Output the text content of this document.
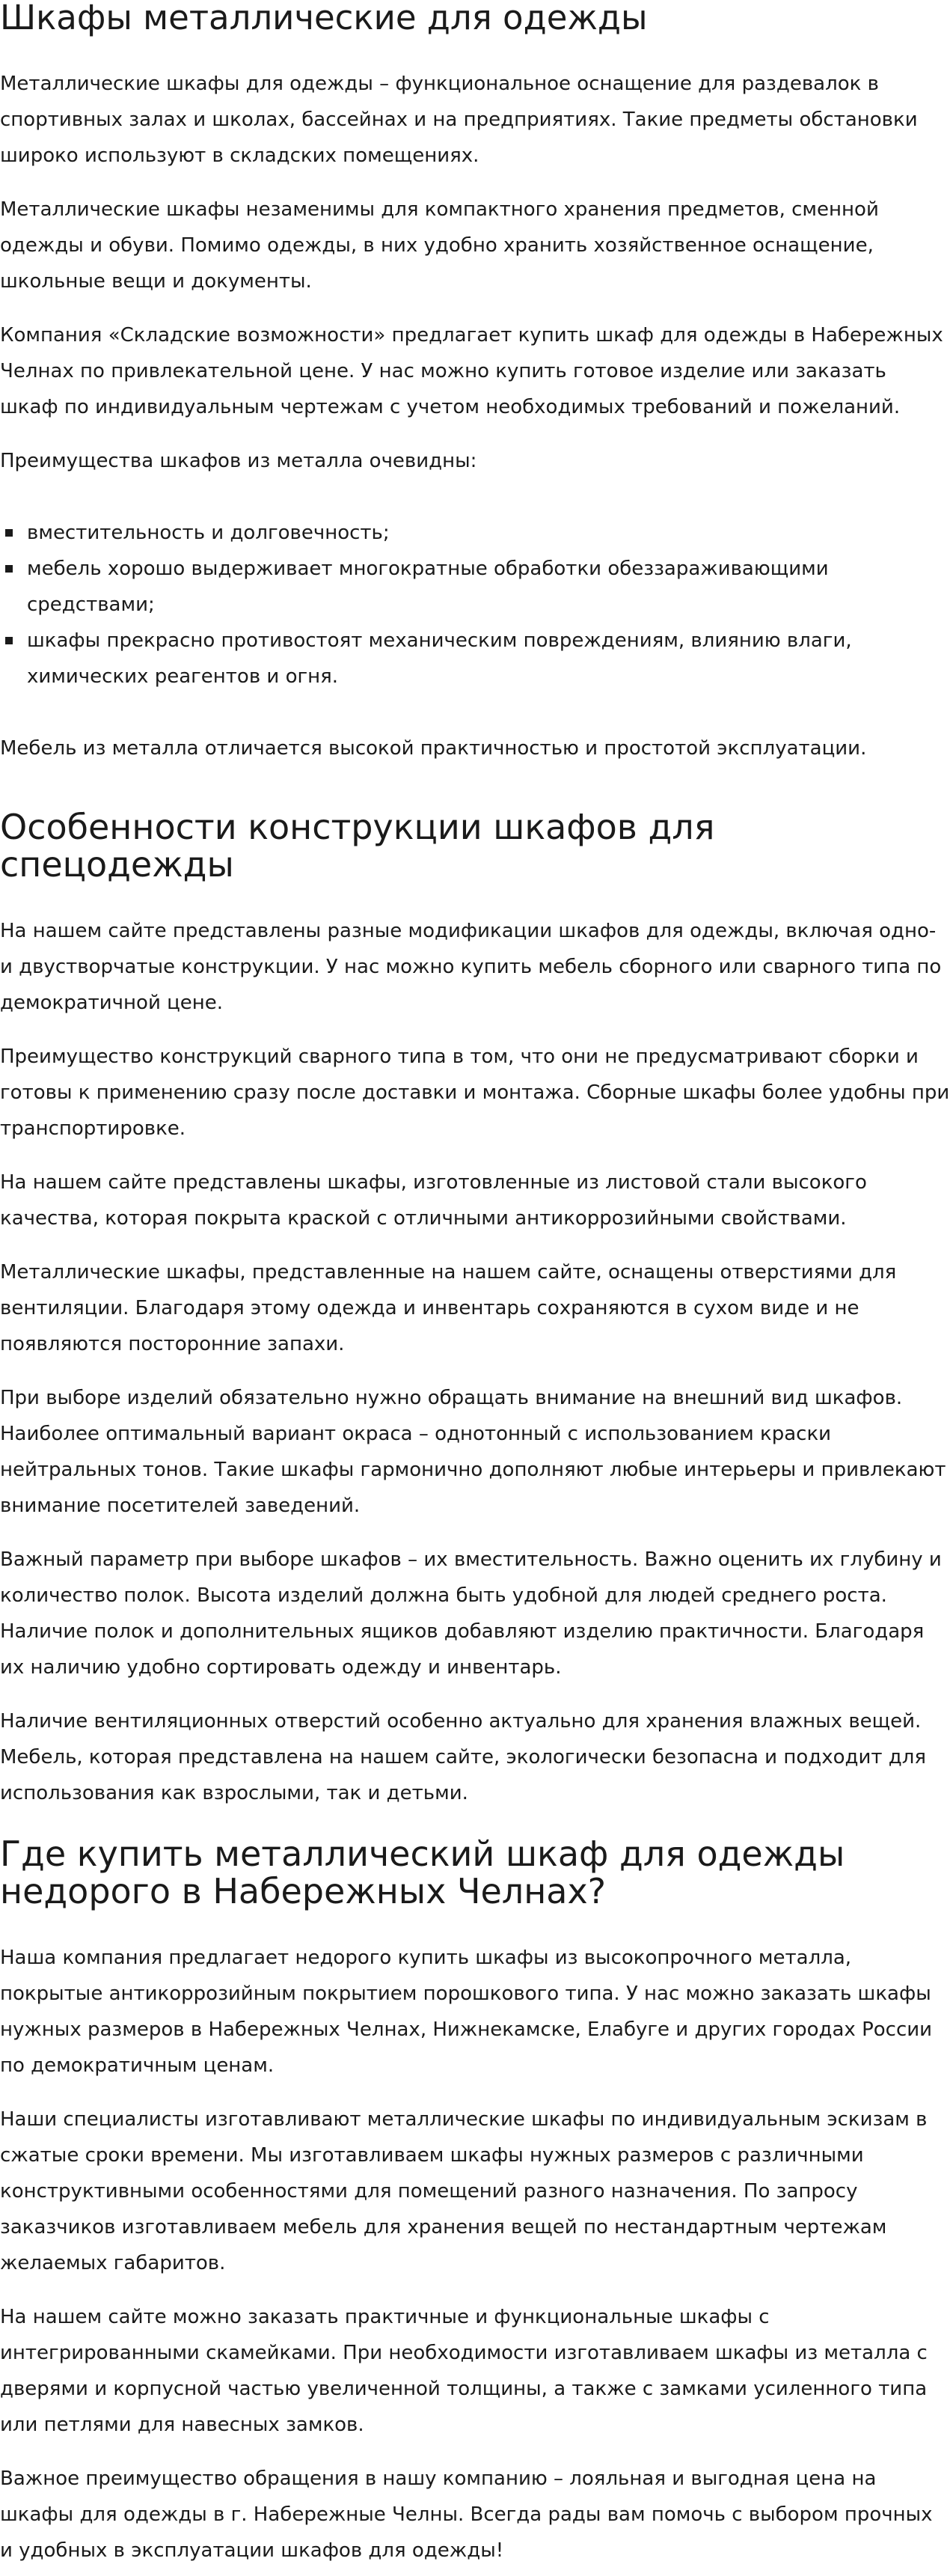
Шкафы металлические для одежды

Металлические шкафы для одежды – функциональное оснащение для раздевалок в спортивных залах и школах, бассейнах и на предприятиях. Такие предметы обстановки широко используют в складских помещениях.

Металлические шкафы незаменимы для компактного хранения предметов, сменной одежды и обуви. Помимо одежды, в них удобно хранить хозяйственное оснащение, школьные вещи и документы.

Компания «Складские возможности» предлагает купить шкаф для одежды в Набережных Челнах по привлекательной цене. У нас можно купить готовое изделие или заказать шкаф по индивидуальным чертежам с учетом необходимых требований и пожеланий.

Преимущества шкафов из металла очевидны:

вместительность и долговечность;
мебель хорошо выдерживает многократные обработки обеззараживающими средствами;
шкафы прекрасно противостоят механическим повреждениям, влиянию влаги, химических реагентов и огня.

Мебель из металла отличается высокой практичностью и простотой эксплуатации.

Особенности конструкции шкафов для спецодежды

На нашем сайте представлены разные модификации шкафов для одежды, включая одно- и двустворчатые конструкции. У нас можно купить мебель сборного или сварного типа по демократичной цене.

Преимущество конструкций сварного типа в том, что они не предусматривают сборки и готовы к применению сразу после доставки и монтажа. Сборные шкафы более удобны при транспортировке.

На нашем сайте представлены шкафы, изготовленные из листовой стали высокого качества, которая покрыта краской с отличными антикоррозийными свойствами.

Металлические шкафы, представленные на нашем сайте, оснащены отверстиями для вентиляции. Благодаря этому одежда и инвентарь сохраняются в сухом виде и не появляются посторонние запахи.

При выборе изделий обязательно нужно обращать внимание на внешний вид шкафов. Наиболее оптимальный вариант окраса – однотонный с использованием краски нейтральных тонов. Такие шкафы гармонично дополняют любые интерьеры и привлекают внимание посетителей заведений.

Важный параметр при выборе шкафов – их вместительность. Важно оценить их глубину и количество полок. Высота изделий должна быть удобной для людей среднего роста. Наличие полок и дополнительных ящиков добавляют изделию практичности. Благодаря их наличию удобно сортировать одежду и инвентарь.

Наличие вентиляционных отверстий особенно актуально для хранения влажных вещей. Мебель, которая представлена на нашем сайте, экологически безопасна и подходит для использования как взрослыми, так и детьми.

Где купить металлический шкаф для одежды недорого в Набережных Челнах?

Наша компания предлагает недорого купить шкафы из высокопрочного металла, покрытые антикоррозийным покрытием порошкового типа. У нас можно заказать шкафы нужных размеров в Набережных Челнах, Нижнекамске, Елабуге и других городах России по демократичным ценам.

Наши специалисты изготавливают металлические шкафы по индивидуальным эскизам в сжатые сроки времени. Мы изготавливаем шкафы нужных размеров с различными конструктивными особенностями для помещений разного назначения. По запросу заказчиков изготавливаем мебель для хранения вещей по нестандартным чертежам желаемых габаритов.

На нашем сайте можно заказать практичные и функциональные шкафы с интегрированными скамейками. При необходимости изготавливаем шкафы из металла с дверями и корпусной частью увеличенной толщины, а также с замками усиленного типа или петлями для навесных замков.

Важное преимущество обращения в нашу компанию – лояльная и выгодная цена на шкафы для одежды в г. Набережные Челны. Всегда рады вам помочь с выбором прочных и удобных в эксплуатации шкафов для одежды!
